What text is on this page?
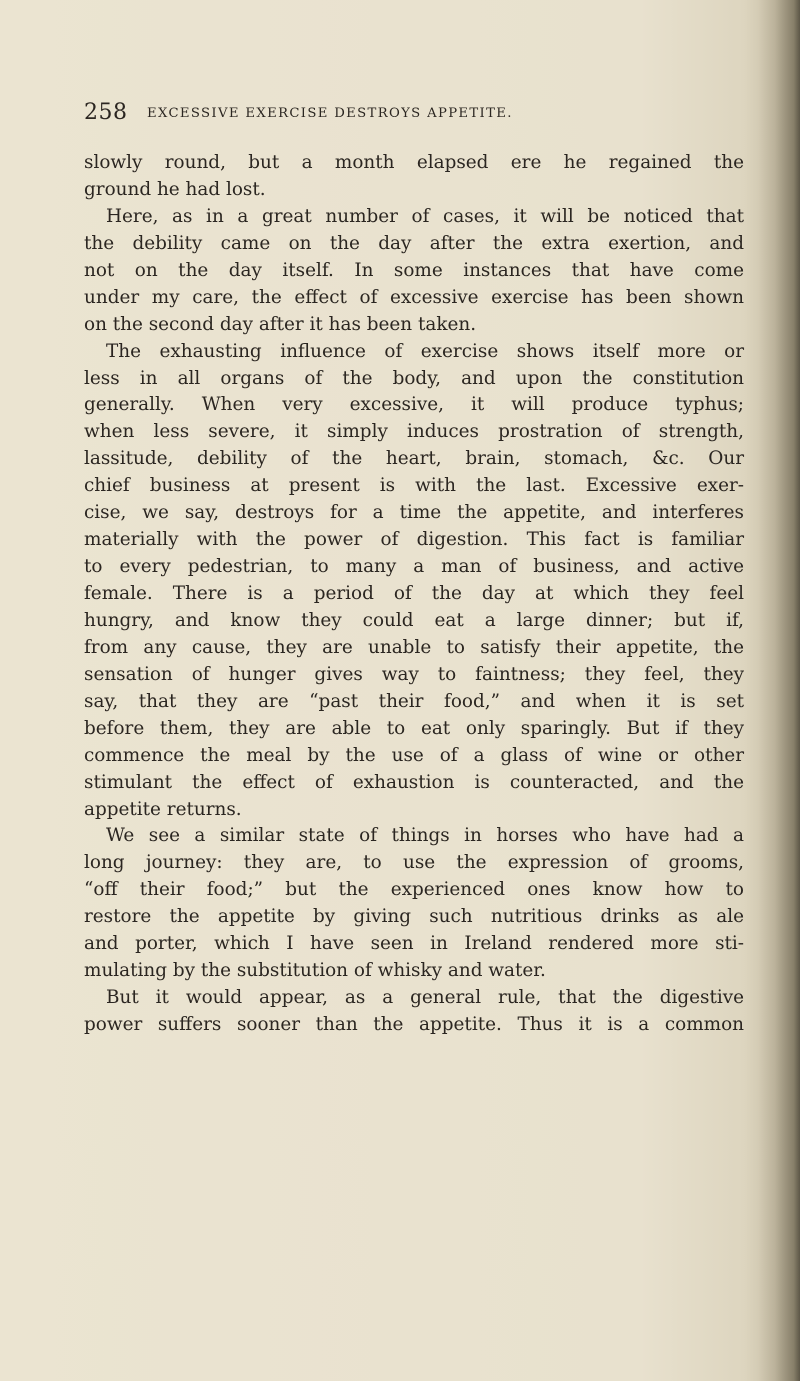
258 EXCESSIVE EXERCISE DESTROYS APPETITE.
slowly round, but a month elapsed ere he regained the
ground he had lost.
Here, as in a great number of cases, it will be noticed that
the debility came on the day after the extra exertion, and
not on the day itself. In some instances that have come
under my care, the effect of excessive exercise has been shown
on the second day after it has been taken.
The exhausting influence of exercise shows itself more or
less in all organs of the body, and upon the constitution
generally. When very excessive, it will produce typhus;
when less severe, it simply induces prostration of strength,
lassitude, debility of the heart, brain, stomach, &c. Our
chief business at present is with the last. Excessive exer-
cise, we say, destroys for a time the appetite, and interferes
materially with the power of digestion. This fact is familiar
to every pedestrian, to many a man of business, and active
female. There is a period of the day at which they feel
hungry, and know they could eat a large dinner; but if,
from any cause, they are unable to satisfy their appetite, the
sensation of hunger gives way to faintness; they feel, they
say, that they are “past their food,” and when it is set
before them, they are able to eat only sparingly. But if they
commence the meal by the use of a glass of wine or other
stimulant the effect of exhaustion is counteracted, and the
appetite returns.
We see a similar state of things in horses who have had a
long journey: they are, to use the expression of grooms,
“off their food;” but the experienced ones know how to
restore the appetite by giving such nutritious drinks as ale
and porter, which I have seen in Ireland rendered more sti-
mulating by the substitution of whisky and water.
But it would appear, as a general rule, that the digestive
power suffers sooner than the appetite. Thus it is a common
